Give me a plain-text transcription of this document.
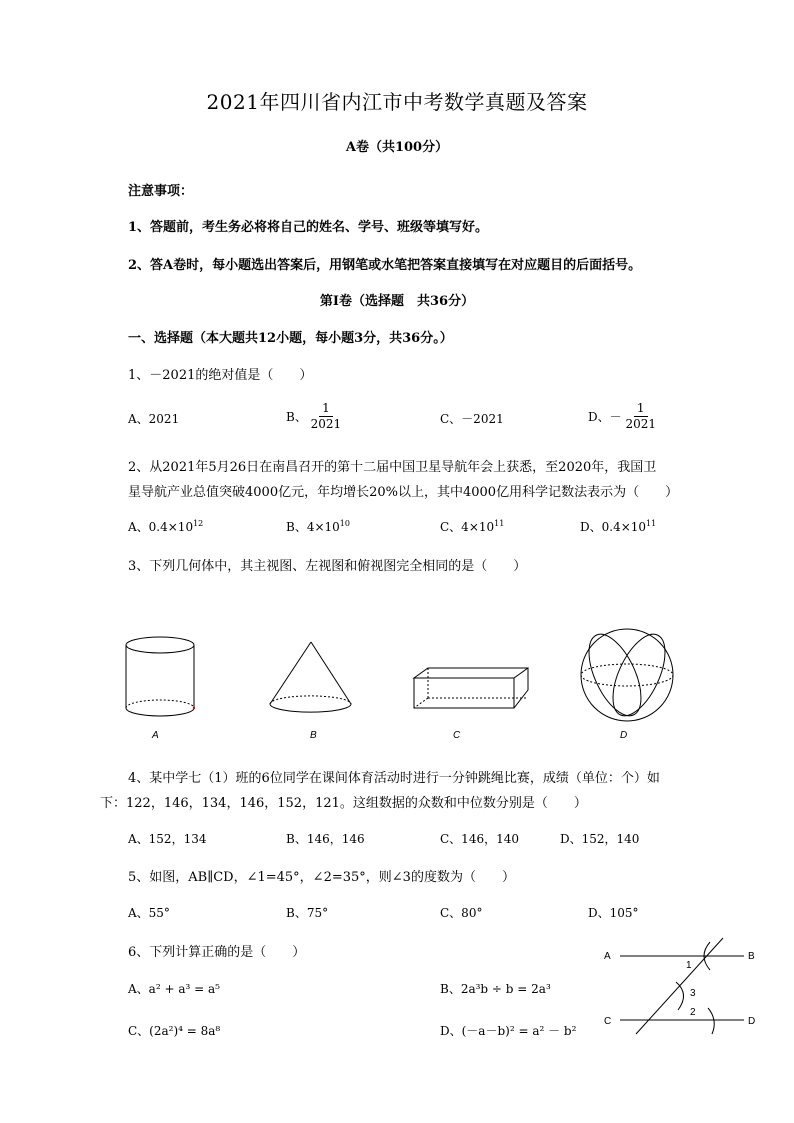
2021年四川省内江市中考数学真题及答案
A卷（共100分）
注意事项：
1、答题前，考生务必将将自己的姓名、学号、班级等填写好。
2、答A卷时，每小题选出答案后，用钢笔或水笔把答案直接填写在对应题目的后面括号。
第Ⅰ卷（选择题　共36分）
一、选择题（本大题共12小题，每小题3分，共36分。）
1、－2021的绝对值是（　　）
A、2021	B、 $\frac{1}{2021}$	C、－2021	D、－ $\frac{1}{2021}$
2、从2021年5月26日在南昌召开的第十二届中国卫星导航年会上获悉，至2020年，我国卫
星导航产业总值突破4000亿元，年均增长20%以上，其中4000亿用科学记数法表示为（　　）
A、$0.4\times 10^{12}$	B、$4\times 10^{10}$	C、$4\times 10^{11}$	D、$0.4\times 10^{11}$
3、下列几何体中，其主视图、左视图和俯视图完全相同的是（　　）
A	B	C	D
4、某中学七（1）班的6位同学在课间体育活动时进行一分钟跳绳比赛，成绩（单位：个）如
下：122，146，134，146，152，121。这组数据的众数和中位数分别是（　　）
A、152，134	B、146，146	C、146，140	D、152，140
5、如图，AB∥CD，∠1=45°，∠2=35°，则∠3的度数为（　　）
A、55°	B、75°	C、80°	D、105°
6、下列计算正确的是（　　）
A、a² + a³ = a⁵	B、2a³b ÷ b = 2a³
C、(2a²)⁴ = 8a⁸	D、(－a－b)² = a² － b²
A	B
C	D
1
3
2
